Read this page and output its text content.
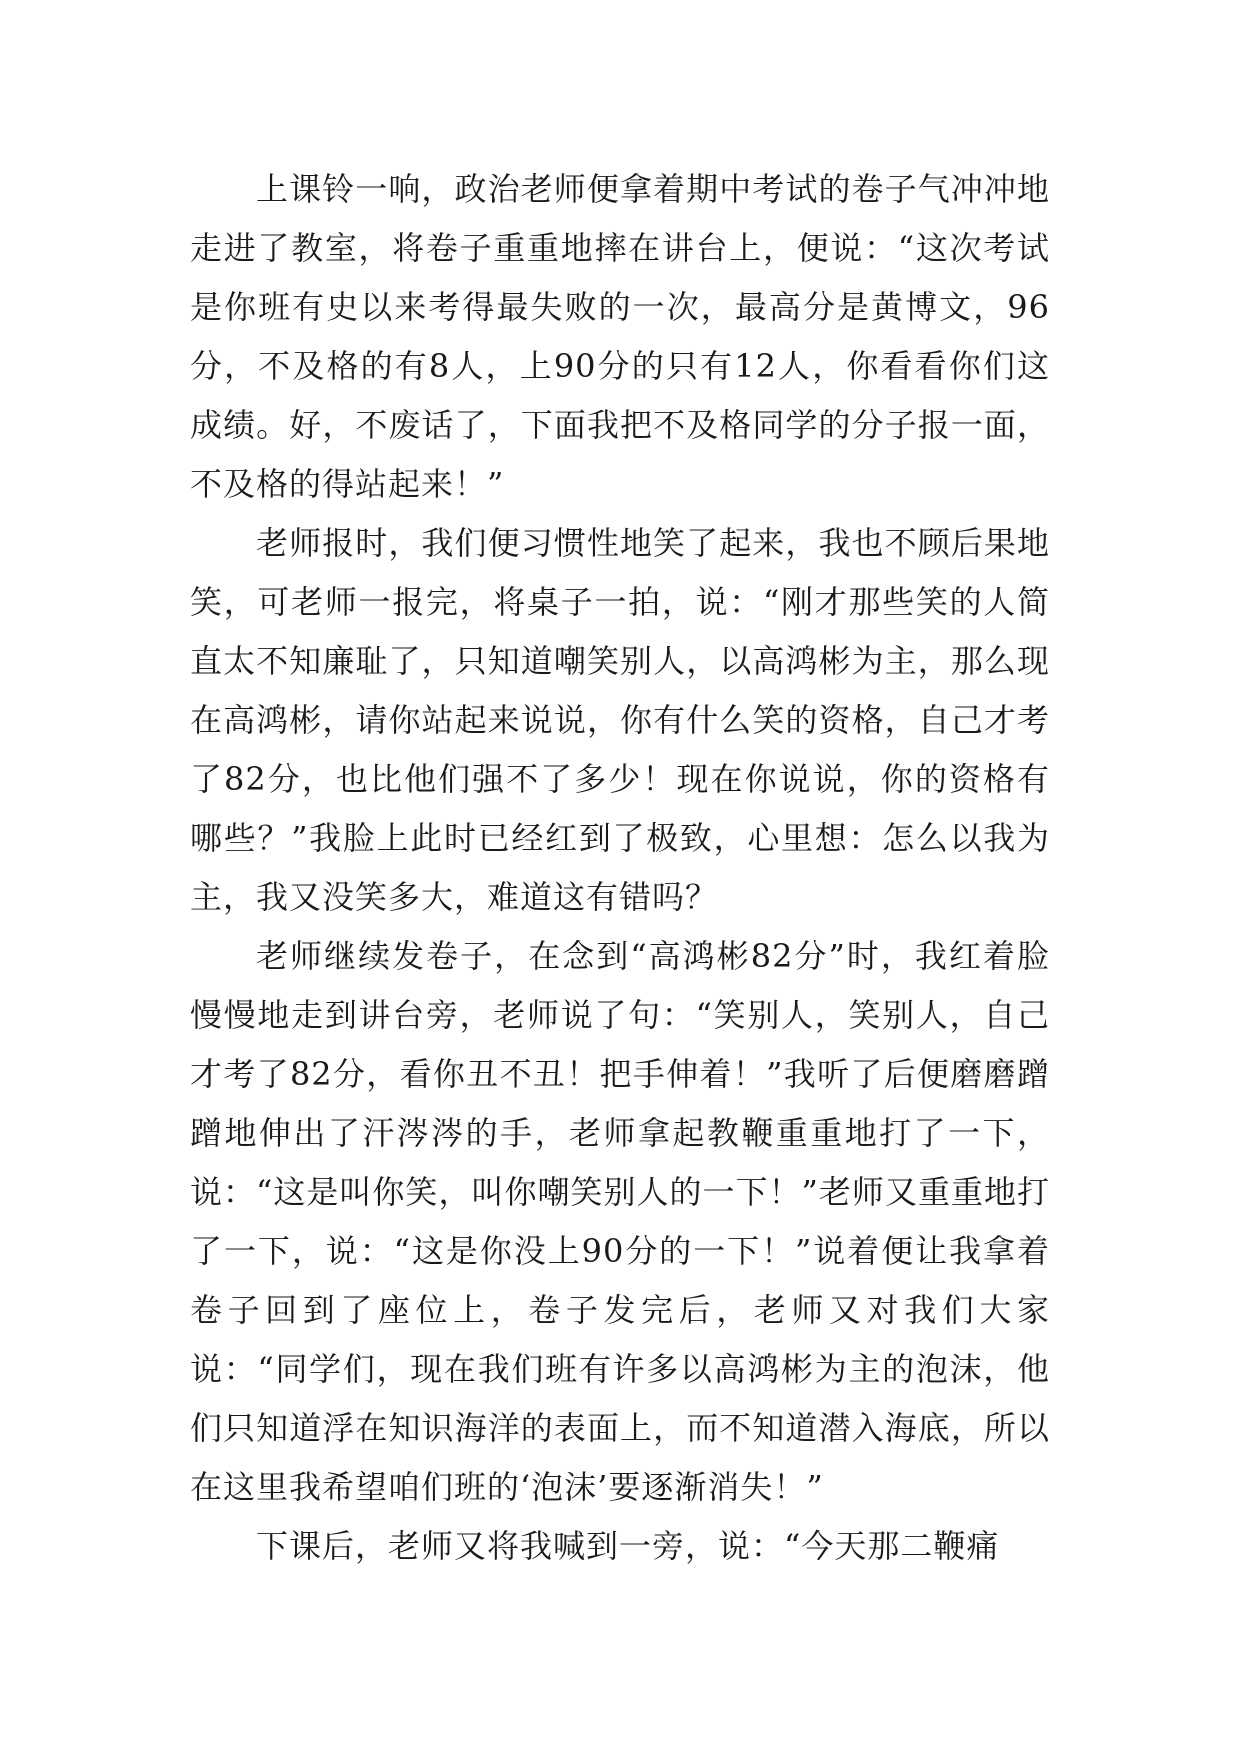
上课铃一响，政治老师便拿着期中考试的卷子气冲冲地走进了教室，将卷子重重地摔在讲台上，便说：“这次考试是你班有史以来考得最失败的一次，最高分是黄博文，96分，不及格的有8人，上90分的只有12人，你看看你们这成绩。好，不废话了，下面我把不及格同学的分子报一面，不及格的得站起来！”

老师报时，我们便习惯性地笑了起来，我也不顾后果地笑，可老师一报完，将桌子一拍，说：“刚才那些笑的人简直太不知廉耻了，只知道嘲笑别人，以高鸿彬为主，那么现在高鸿彬，请你站起来说说，你有什么笑的资格，自己才考了82分，也比他们强不了多少！现在你说说，你的资格有哪些？”我脸上此时已经红到了极致，心里想：怎么以我为主，我又没笑多大，难道这有错吗？

老师继续发卷子，在念到“高鸿彬82分”时，我红着脸慢慢地走到讲台旁，老师说了句：“笑别人，笑别人，自己才考了82分，看你丑不丑！把手伸着！”我听了后便磨磨蹭蹭地伸出了汗涔涔的手，老师拿起教鞭重重地打了一下，说：“这是叫你笑，叫你嘲笑别人的一下！”老师又重重地打了一下，说：“这是你没上90分的一下！”说着便让我拿着卷子回到了座位上，卷子发完后，老师又对我们大家说：“同学们，现在我们班有许多以高鸿彬为主的泡沫，他们只知道浮在知识海洋的表面上，而不知道潜入海底，所以在这里我希望咱们班的‘泡沫’要逐渐消失！”

下课后，老师又将我喊到一旁，说：“今天那二鞭痛
